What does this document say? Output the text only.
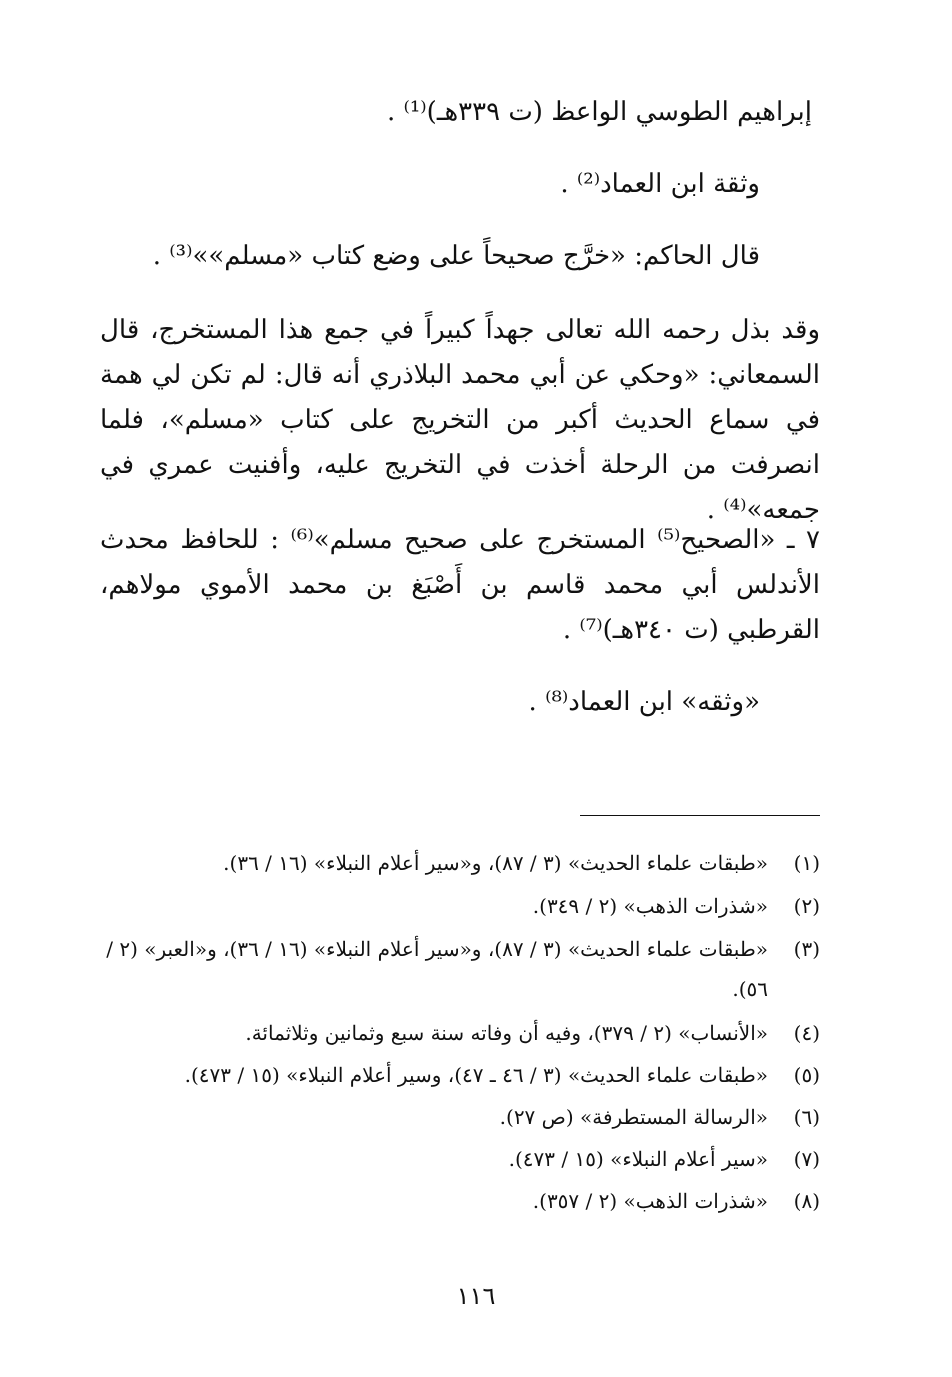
إبراهيم الطوسي الواعظ (ت ٣٣٩هـ)⁽¹⁾ .
وثقة ابن العماد⁽²⁾ .
قال الحاكم: «خرَّج صحيحاً على وضع كتاب «مسلم»»⁽³⁾ .
وقد بذل رحمه الله تعالى جهداً كبيراً في جمع هذا المستخرج، قال السمعاني: «وحكي عن أبي محمد البلاذري أنه قال: لم تكن لي همة في سماع الحديث أكبر من التخريج على كتاب «مسلم»، فلما انصرفت من الرحلة أخذت في التخريج عليه، وأفنيت عمري في جمعه»⁽⁴⁾ .
٧ ـ «الصحيح⁽⁵⁾ المستخرج على صحيح مسلم»⁽⁶⁾ : للحافظ محدث الأندلس أبي محمد قاسم بن أَصْبَغ بن محمد الأموي مولاهم، القرطبي (ت ٣٤٠هـ)⁽⁷⁾ .
«وثقه» ابن العماد⁽⁸⁾ .
(١)
«طبقات علماء الحديث» (٣ / ٨٧)، و«سير أعلام النبلاء» (١٦ / ٣٦).
(٢)
«شذرات الذهب» (٢ / ٣٤٩).
(٣)
«طبقات علماء الحديث» (٣ / ٨٧)، و«سير أعلام النبلاء» (١٦ / ٣٦)، و«العبر» (٢ / ٥٦).
(٤)
«الأنساب» (٢ / ٣٧٩)، وفيه أن وفاته سنة سبع وثمانين وثلاثمائة.
(٥)
«طبقات علماء الحديث» (٣ / ٤٦ ـ ٤٧)، وسير أعلام النبلاء» (١٥ / ٤٧٣).
(٦)
«الرسالة المستطرفة» (ص ٢٧).
(٧)
«سير أعلام النبلاء» (١٥ / ٤٧٣).
(٨)
«شذرات الذهب» (٢ / ٣٥٧).
١١٦
